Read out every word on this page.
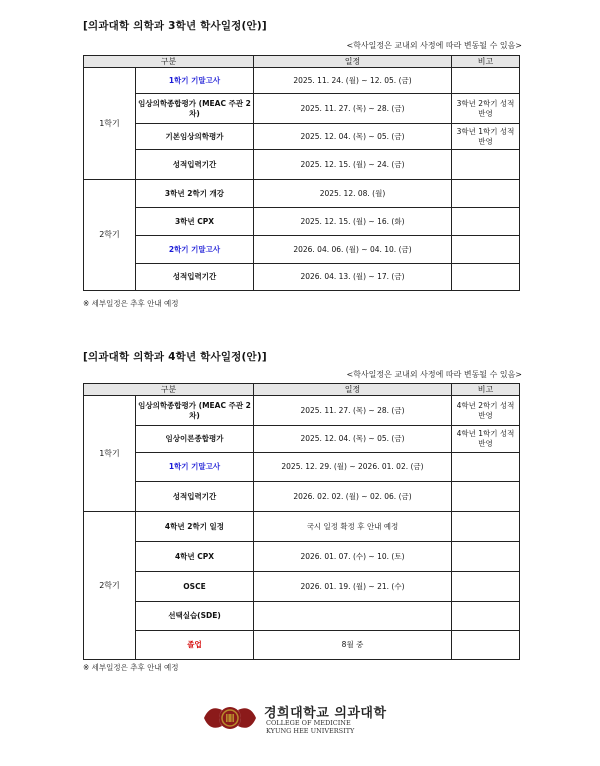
[의과대학 의학과 3학년 학사일정(안)]
<학사일정은 교내외 사정에 따라 변동될 수 있음>
구분		일정	비고
1학기	1학기 기말고사	2025. 11. 24. (월) ~ 12. 05. (금)	
	임상의학종합평가 (MEAC 주관 2차)	2025. 11. 27. (목) ~ 28. (금)	3학년 2학기 성적 반영
	기본임상의학평가	2025. 12. 04. (목) ~ 05. (금)	3학년 1학기 성적 반영
	성적입력기간	2025. 12. 15. (월) ~ 24. (금)	
2학기	3학년 2학기 개강	2025. 12. 08. (월)	
	3학년 CPX	2025. 12. 15. (월) ~ 16. (화)	
	2학기 기말고사	2026. 04. 06. (월) ~ 04. 10. (금)	
	성적입력기간	2026. 04. 13. (월) ~ 17. (금)	
※ 세부일정은 추후 안내 예정
[의과대학 의학과 4학년 학사일정(안)]
<학사일정은 교내외 사정에 따라 변동될 수 있음>
구분		일정	비고
1학기	임상의학종합평가 (MEAC 주관 2차)	2025. 11. 27. (목) ~ 28. (금)	4학년 2학기 성적 반영
	임상이론종합평가	2025. 12. 04. (목) ~ 05. (금)	4학년 1학기 성적 반영
	1학기 기말고사	2025. 12. 29. (월) ~ 2026. 01. 02. (금)	
	성적입력기간	2026. 02. 02. (월) ~ 02. 06. (금)	
2학기	4학년 2학기 일정	국시 일정 확정 후 안내 예정	
	4학년 CPX	2026. 01. 07. (수) ~ 10. (토)	
	OSCE	2026. 01. 19. (월) ~ 21. (수)	
	선택실습(SDE)		
	졸업	8월 중	
※ 세부일정은 추후 안내 예정
경희대학교 의과대학
COLLEGE OF MEDICINE
KYUNG HEE UNIVERSITY
